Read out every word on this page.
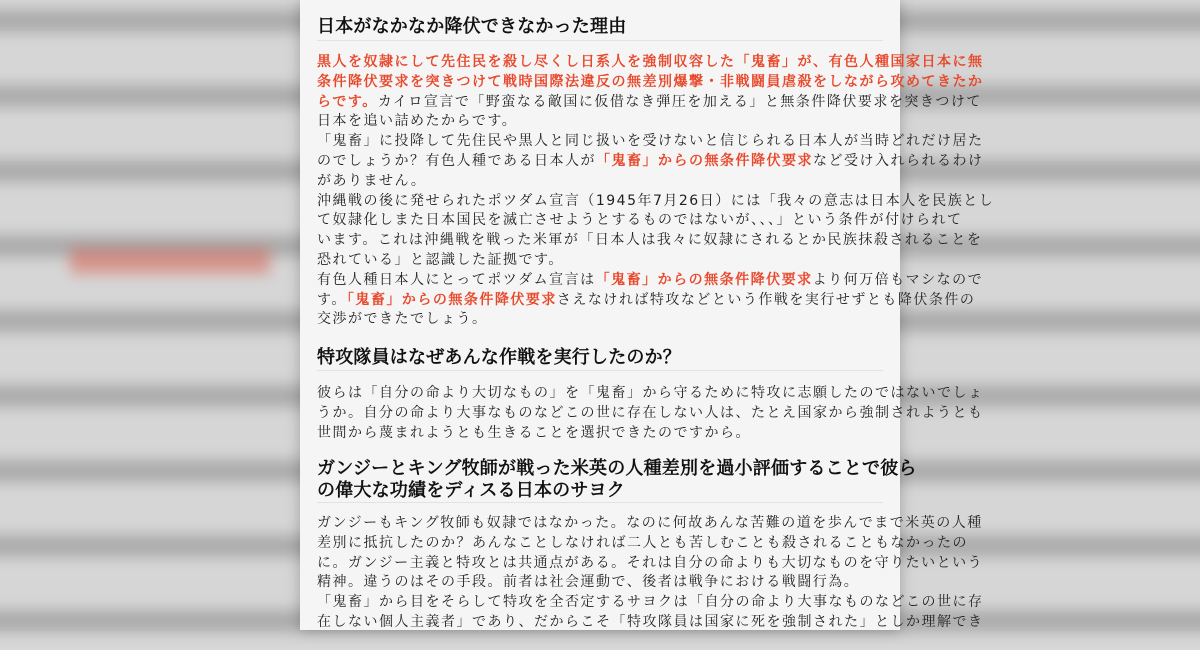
日本がなかなか降伏できなかった理由
黒人を奴隷にして先住民を殺し尽くし日系人を強制収容した「鬼畜」が、有色人種国家日本に無
条件降伏要求を突きつけて戦時国際法違反の無差別爆撃・非戦闘員虐殺をしながら攻めてきたか
らです。カイロ宣言で「野蛮なる敵国に仮借なき弾圧を加える」と無条件降伏要求を突きつけて
日本を追い詰めたからです。
「鬼畜」に投降して先住民や黒人と同じ扱いを受けないと信じられる日本人が当時どれだけ居た
のでしょうか？有色人種である日本人が「鬼畜」からの無条件降伏要求など受け入れられるわけ
がありません。
沖縄戦の後に発せられたポツダム宣言（1945年7月26日）には「我々の意志は日本人を民族とし
て奴隷化しまた日本国民を滅亡させようとするものではないが、、、」という条件が付けられて
います。これは沖縄戦を戦った米軍が「日本人は我々に奴隷にされるとか民族抹殺されることを
恐れている」と認識した証拠です。
有色人種日本人にとってポツダム宣言は「鬼畜」からの無条件降伏要求より何万倍もマシなので
す。「鬼畜」からの無条件降伏要求さえなければ特攻などという作戦を実行せずとも降伏条件の
交渉ができたでしょう。
特攻隊員はなぜあんな作戦を実行したのか？
彼らは「自分の命より大切なもの」を「鬼畜」から守るために特攻に志願したのではないでしょ
うか。自分の命より大事なものなどこの世に存在しない人は、たとえ国家から強制されようとも
世間から蔑まれようとも生きることを選択できたのですから。
ガンジーとキング牧師が戦った米英の人種差別を過小評価することで彼ら
の偉大な功績をディスる日本のサヨク
ガンジーもキング牧師も奴隷ではなかった。なのに何故あんな苦難の道を歩んでまで米英の人種
差別に抵抗したのか？あんなことしなければ二人とも苦しむことも殺されることもなかったの
に。ガンジー主義と特攻とは共通点がある。それは自分の命よりも大切なものを守りたいという
精神。違うのはその手段。前者は社会運動で、後者は戦争における戦闘行為。
「鬼畜」から目をそらして特攻を全否定するサヨクは「自分の命より大事なものなどこの世に存
在しない個人主義者」であり、だからこそ「特攻隊員は国家に死を強制された」としか理解でき
